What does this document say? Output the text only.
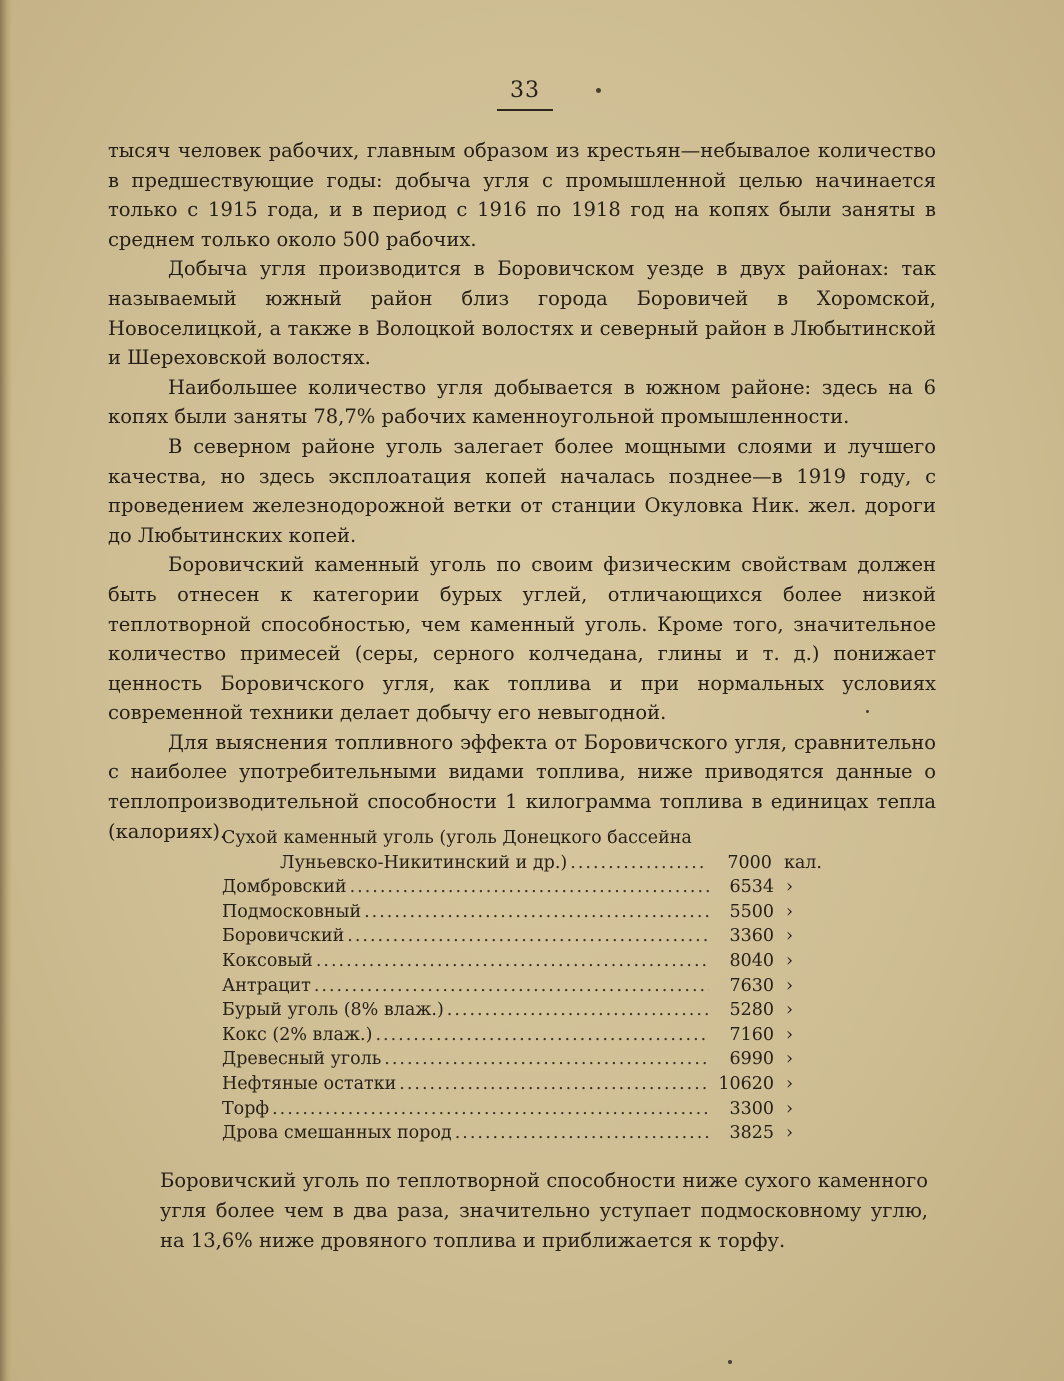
33

тысяч человек рабочих, главным образом из крестьян—небывалое количество в предшествующие годы: добыча угля с промышленной целью начинается только с 1915 года, и в период с 1916 по 1918 год на копях были заняты в среднем только около 500 рабочих.

Добыча угля производится в Боровичском уезде в двух районах: так называемый южный район близ города Боровичей в Хоромской, Новоселицкой, а также в Волоцкой волостях и северный район в Любытинской и Шереховской волостях.

Наибольшее количество угля добывается в южном районе: здесь на 6 копях были заняты 78,7% рабочих каменноугольной промышленности.

В северном районе уголь залегает более мощными слоями и лучшего качества, но здесь эксплоатация копей началась позднее—в 1919 году, с проведением железнодорожной ветки от станции Окуловка Ник. жел. дороги до Любытинских копей.

Боровичский каменный уголь по своим физическим свойствам должен быть отнесен к категории бурых углей, отличающихся более низкой теплотворной способностью, чем каменный уголь. Кроме того, значительное количество примесей (серы, серного колчедана, глины и т. д.) понижает ценность Боровичского угля, как топлива и при нормальных условиях современной техники делает добычу его невыгодной.

Для выяснения топливного эффекта от Боровичского угля, сравнительно с наиболее употребительными видами топлива, ниже приводятся данные о теплопроизводительной способности 1 килограмма топлива в единицах тепла (калориях).

Сухой каменный уголь (уголь Донецкого бассейна
Луньевско-Никитинский и др.) .....	7000 кал.
Домбровский .....	6534 ›
Подмосковный .....	5500 ›
Боровичский .....	3360 ›
Коксовый .....	8040 ›
Антрацит .....	7630 ›
Бурый уголь (8% влаж.) .....	5280 ›
Кокс (2% влаж.) .....	7160 ›
Древесный уголь .....	6990 ›
Нефтяные остатки .....	10620 ›
Торф .....	3300 ›
Дрова смешанных пород .....	3825 ›

Боровичский уголь по теплотворной способности ниже сухого каменного угля более чем в два раза, значительно уступает подмосковному углю, на 13,6% ниже дровяного топлива и приближается к торфу.
